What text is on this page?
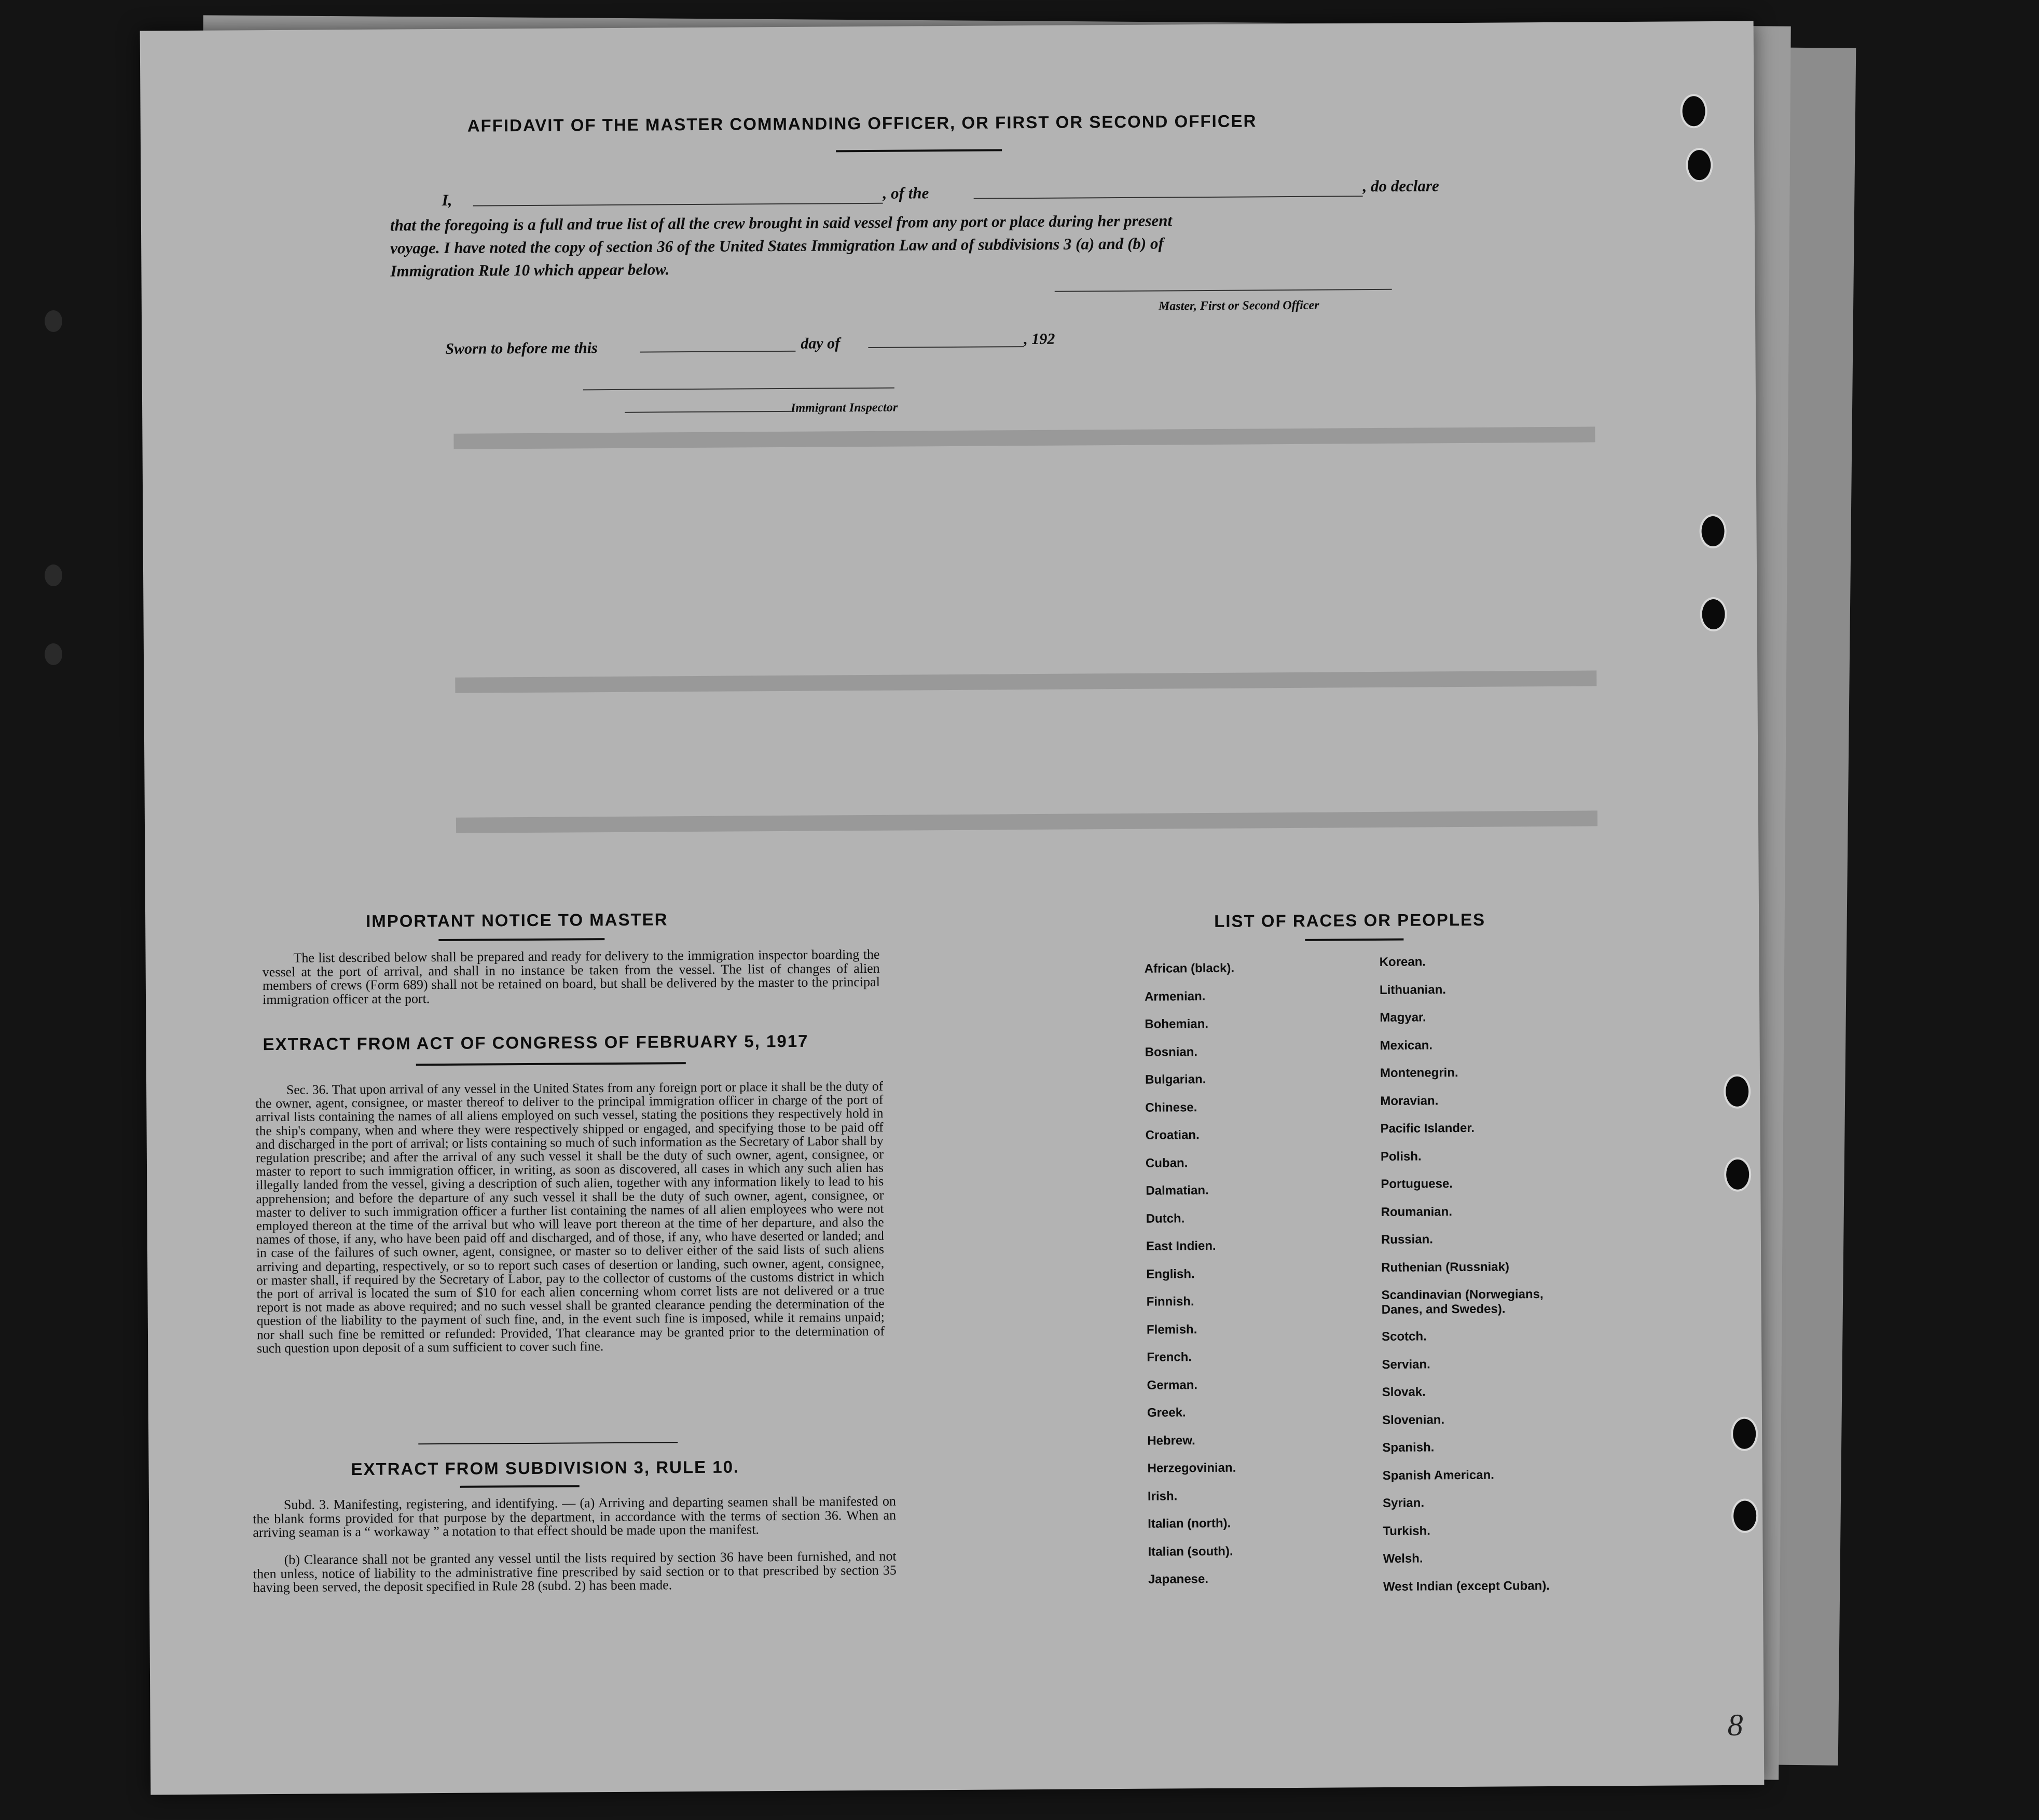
AFFIDAVIT OF THE MASTER COMMANDING OFFICER, OR FIRST OR SECOND OFFICER
I,	, of the	, do declare
that the foregoing is a full and true list of all the crew brought in said vessel from any port or place during her present
voyage. I have noted the copy of section 36 of the United States Immigration Law and of subdivisions 3 (a) and (b) of
Immigration Rule 10 which appear below.
Master, First or Second Officer
Sworn to before me this	day of	, 192
Immigrant Inspector
IMPORTANT NOTICE TO MASTER
The list described below shall be prepared and ready for delivery to the immigration inspector boarding the vessel at the port of arrival, and shall in no instance be taken from the vessel. The list of changes of alien members of crews (Form 689) shall not be retained on board, but shall be delivered by the master to the principal immigration officer at the port.
EXTRACT FROM ACT OF CONGRESS OF FEBRUARY 5, 1917
Sec. 36. That upon arrival of any vessel in the United States from any foreign port or place it shall be the duty of the owner, agent, consignee, or master thereof to deliver to the principal immigration officer in charge of the port of arrival lists containing the names of all aliens employed on such vessel, stating the positions they respectively hold in the ship's company, when and where they were respectively shipped or engaged, and specifying those to be paid off and discharged in the port of arrival; or lists containing so much of such information as the Secretary of Labor shall by regulation prescribe; and after the arrival of any such vessel it shall be the duty of such owner, agent, consignee, or master to report to such immigration officer, in writing, as soon as discovered, all cases in which any such alien has illegally landed from the vessel, giving a description of such alien, together with any information likely to lead to his apprehension; and before the departure of any such vessel it shall be the duty of such owner, agent, consignee, or master to deliver to such immigration officer a further list containing the names of all alien employees who were not employed thereon at the time of the arrival but who will leave port thereon at the time of her departure, and also the names of those, if any, who have been paid off and discharged, and of those, if any, who have deserted or landed; and in case of the failures of such owner, agent, consignee, or master so to deliver either of the said lists of such aliens arriving and departing, respectively, or so to report such cases of desertion or landing, such owner, agent, consignee, or master shall, if required by the Secretary of Labor, pay to the collector of customs of the customs district in which the port of arrival is located the sum of $10 for each alien concerning whom corret lists are not delivered or a true report is not made as above required; and no such vessel shall be granted clearance pending the determination of the question of the liability to the payment of such fine, and, in the event such fine is imposed, while it remains unpaid; nor shall such fine be remitted or refunded: Provided, That clearance may be granted prior to the determination of such question upon deposit of a sum sufficient to cover such fine.
EXTRACT FROM SUBDIVISION 3, RULE 10.
Subd. 3. Manifesting, registering, and identifying. — (a) Arriving and departing seamen shall be manifested on the blank forms provided for that purpose by the department, in accordance with the terms of section 36. When an arriving seaman is a “ workaway ” a notation to that effect should be made upon the manifest.
(b) Clearance shall not be granted any vessel until the lists required by section 36 have been furnished, and not then unless, notice of liability to the administrative fine prescribed by said section or to that prescribed by section 35 having been served, the deposit specified in Rule 28 (subd. 2) has been made.
LIST OF RACES OR PEOPLES
African (black).
Armenian.
Bohemian.
Bosnian.
Bulgarian.
Chinese.
Croatian.
Cuban.
Dalmatian.
Dutch.
East Indien.
English.
Finnish.
Flemish.
French.
German.
Greek.
Hebrew.
Herzegovinian.
Irish.
Italian (north).
Italian (south).
Japanese.
Korean.
Lithuanian.
Magyar.
Mexican.
Montenegrin.
Moravian.
Pacific Islander.
Polish.
Portuguese.
Roumanian.
Russian.
Ruthenian (Russniak)
Scandinavian (Norwegians, Danes, and Swedes).
Scotch.
Servian.
Slovak.
Slovenian.
Spanish.
Spanish American.
Syrian.
Turkish.
Welsh.
West Indian (except Cuban).
8
